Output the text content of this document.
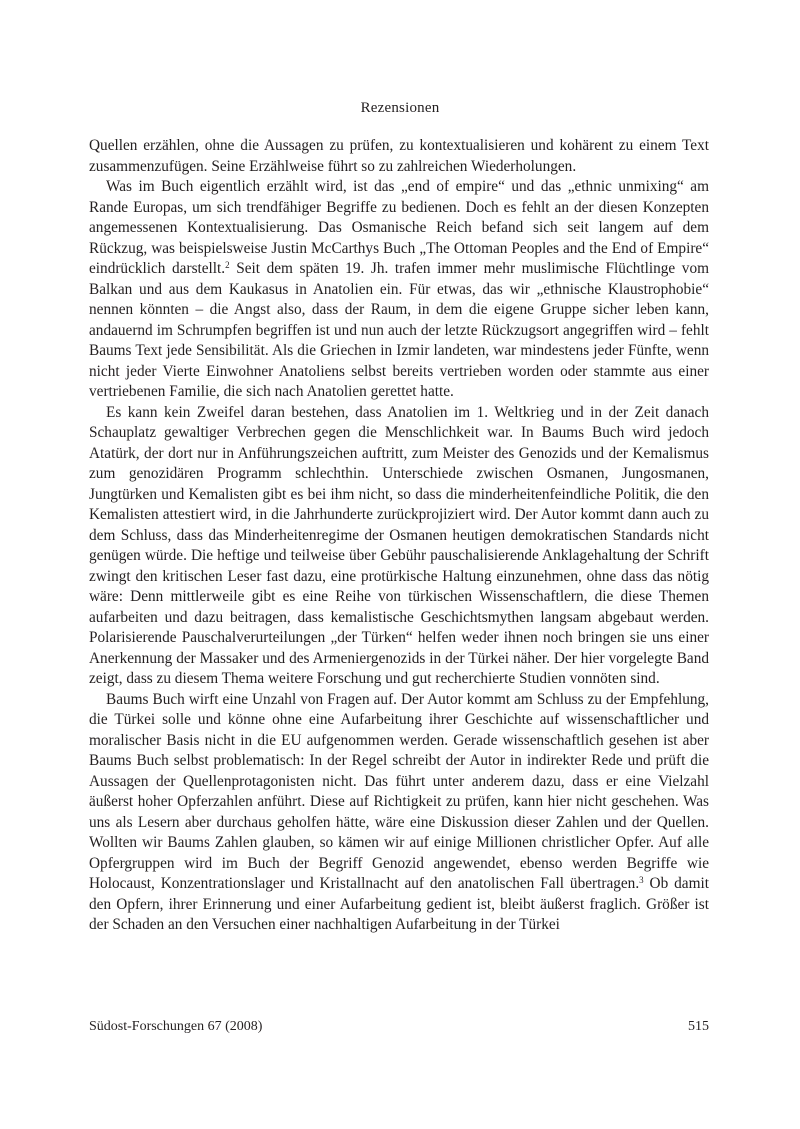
Rezensionen

Quellen erzählen, ohne die Aussagen zu prüfen, zu kontextualisieren und kohärent zu einem Text zusammenzufügen. Seine Erzählweise führt so zu zahlreichen Wiederholungen.

Was im Buch eigentlich erzählt wird, ist das „end of empire“ und das „ethnic unmixing“ am Rande Europas, um sich trendfähiger Begriffe zu bedienen. Doch es fehlt an der diesen Konzepten angemessenen Kontextualisierung. Das Osmanische Reich befand sich seit langem auf dem Rückzug, was beispielsweise Justin McCarthys Buch „The Ottoman Peoples and the End of Empire“ eindrücklich darstellt.$^2$ Seit dem späten 19. Jh. trafen immer mehr muslimische Flüchtlinge vom Balkan und aus dem Kaukasus in Anatolien ein. Für etwas, das wir „ethnische Klaustrophobie“ nennen könnten – die Angst also, dass der Raum, in dem die eigene Gruppe sicher leben kann, andauernd im Schrumpfen begriffen ist und nun auch der letzte Rückzugsort angegriffen wird – fehlt Baums Text jede Sensibilität. Als die Griechen in Izmir landeten, war mindestens jeder Fünfte, wenn nicht jeder Vierte Einwohner Anatoliens selbst bereits vertrieben worden oder stammte aus einer vertriebenen Familie, die sich nach Anatolien gerettet hatte.

Es kann kein Zweifel daran bestehen, dass Anatolien im 1. Weltkrieg und in der Zeit danach Schauplatz gewaltiger Verbrechen gegen die Menschlichkeit war. In Baums Buch wird jedoch Atatürk, der dort nur in Anführungszeichen auftritt, zum Meister des Genozids und der Kemalismus zum genozidären Programm schlechthin. Unterschiede zwischen Osmanen, Jungosmanen, Jungtürken und Kemalisten gibt es bei ihm nicht, so dass die minderheitenfeindliche Politik, die den Kemalisten attestiert wird, in die Jahrhunderte zurückprojiziert wird. Der Autor kommt dann auch zu dem Schluss, dass das Minderheitenregime der Osmanen heutigen demokratischen Standards nicht genügen würde. Die heftige und teilweise über Gebühr pauschalisierende Anklagehaltung der Schrift zwingt den kritischen Leser fast dazu, eine protürkische Haltung einzunehmen, ohne dass das nötig wäre: Denn mittlerweile gibt es eine Reihe von türkischen Wissenschaftlern, die diese Themen aufarbeiten und dazu beitragen, dass kemalistische Geschichtsmythen langsam abgebaut werden. Polarisierende Pauschalverurteilungen „der Türken“ helfen weder ihnen noch bringen sie uns einer Anerkennung der Massaker und des Armeniergenozids in der Türkei näher. Der hier vorgelegte Band zeigt, dass zu diesem Thema weitere Forschung und gut recherchierte Studien vonnöten sind.

Baums Buch wirft eine Unzahl von Fragen auf. Der Autor kommt am Schluss zu der Empfehlung, die Türkei solle und könne ohne eine Aufarbeitung ihrer Geschichte auf wissenschaftlicher und moralischer Basis nicht in die EU aufgenommen werden. Gerade wissenschaftlich gesehen ist aber Baums Buch selbst problematisch: In der Regel schreibt der Autor in indirekter Rede und prüft die Aussagen der Quellenprotagonisten nicht. Das führt unter anderem dazu, dass er eine Vielzahl äußerst hoher Opferzahlen anführt. Diese auf Richtigkeit zu prüfen, kann hier nicht geschehen. Was uns als Lesern aber durchaus geholfen hätte, wäre eine Diskussion dieser Zahlen und der Quellen. Wollten wir Baums Zahlen glauben, so kämen wir auf einige Millionen christlicher Opfer. Auf alle Opfergruppen wird im Buch der Begriff Genozid angewendet, ebenso werden Begriffe wie Holocaust, Konzentrationslager und Kristallnacht auf den anatolischen Fall übertragen.$^3$ Ob damit den Opfern, ihrer Erinnerung und einer Aufarbeitung gedient ist, bleibt äußerst fraglich. Größer ist der Schaden an den Versuchen einer nachhaltigen Aufarbeitung in der Türkei

Südost-Forschungen 67 (2008)	515
